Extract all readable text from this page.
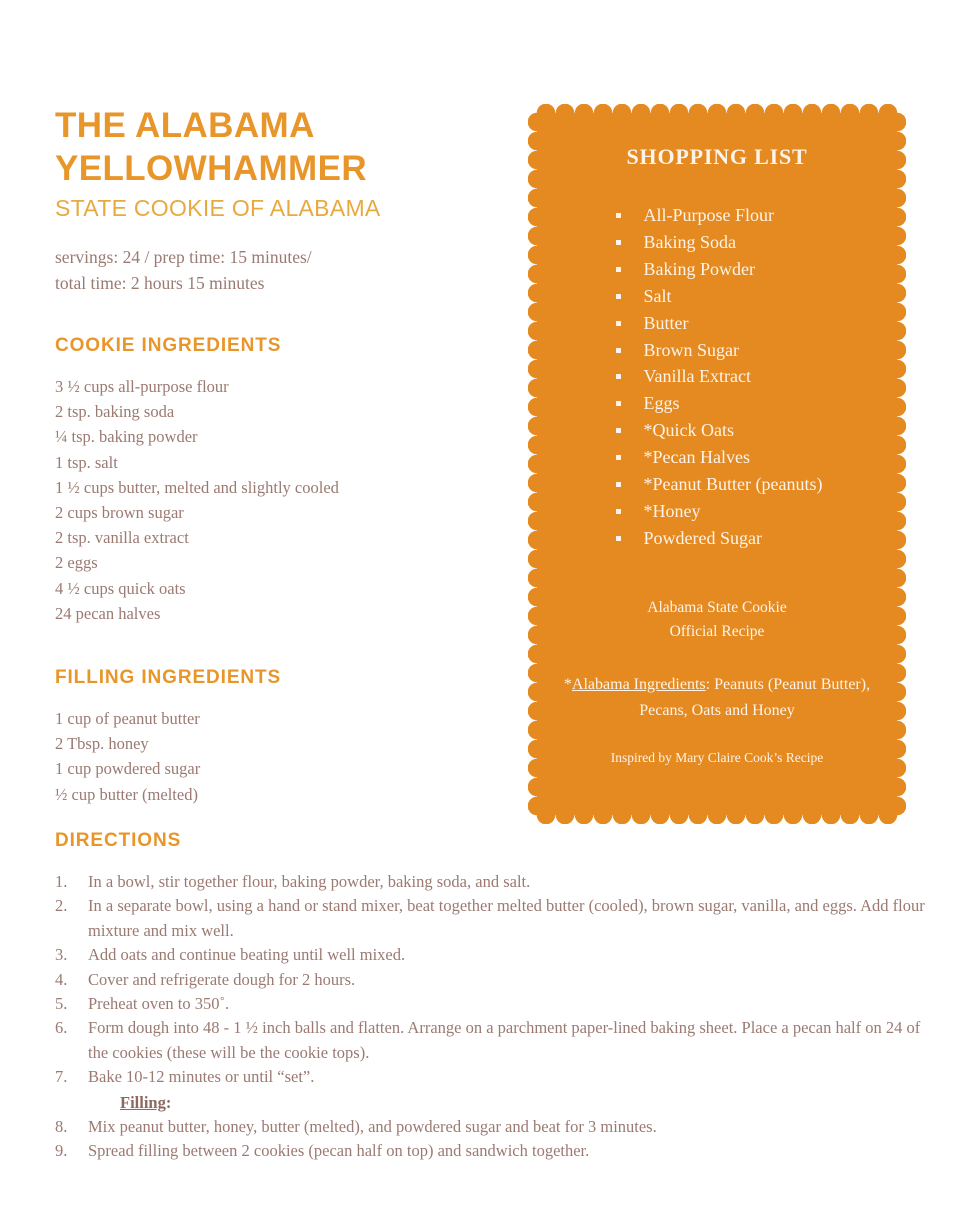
THE ALABAMA
YELLOWHAMMER
STATE COOKIE OF ALABAMA
servings: 24 / prep time: 15 minutes/
total time: 2 hours 15 minutes
COOKIE INGREDIENTS
3 ½ cups all-purpose flour
2 tsp. baking soda
¼ tsp. baking powder
1 tsp. salt
1 ½ cups butter, melted and slightly cooled
2 cups brown sugar
2 tsp. vanilla extract
2 eggs
4 ½ cups quick oats
24 pecan halves
FILLING INGREDIENTS
1 cup of peanut butter
2 Tbsp. honey
1 cup powdered sugar
½ cup butter (melted)
SHOPPING LIST
All-Purpose Flour
Baking Soda
Baking Powder
Salt
Butter
Brown Sugar
Vanilla Extract
Eggs
*Quick Oats
*Pecan Halves
*Peanut Butter (peanuts)
*Honey
Powdered Sugar
Alabama State Cookie
Official Recipe
*Alabama Ingredients: Peanuts (Peanut Butter), Pecans, Oats and Honey
Inspired by Mary Claire Cook’s Recipe
DIRECTIONS
In a bowl, stir together flour, baking powder, baking soda, and salt.
In a separate bowl, using a hand or stand mixer, beat together melted butter (cooled), brown sugar, vanilla, and eggs. Add flour mixture and mix well.
Add oats and continue beating until well mixed.
Cover and refrigerate dough for 2 hours.
Preheat oven to 350˚.
Form dough into 48 - 1 ½ inch balls and flatten. Arrange on a parchment paper-lined baking sheet. Place a pecan half on 24 of the cookies (these will be the cookie tops).
Bake 10-12 minutes or until “set”.
Filling:
Mix peanut butter, honey, butter (melted), and powdered sugar and beat for 3 minutes.
Spread filling between 2 cookies (pecan half on top) and sandwich together.
